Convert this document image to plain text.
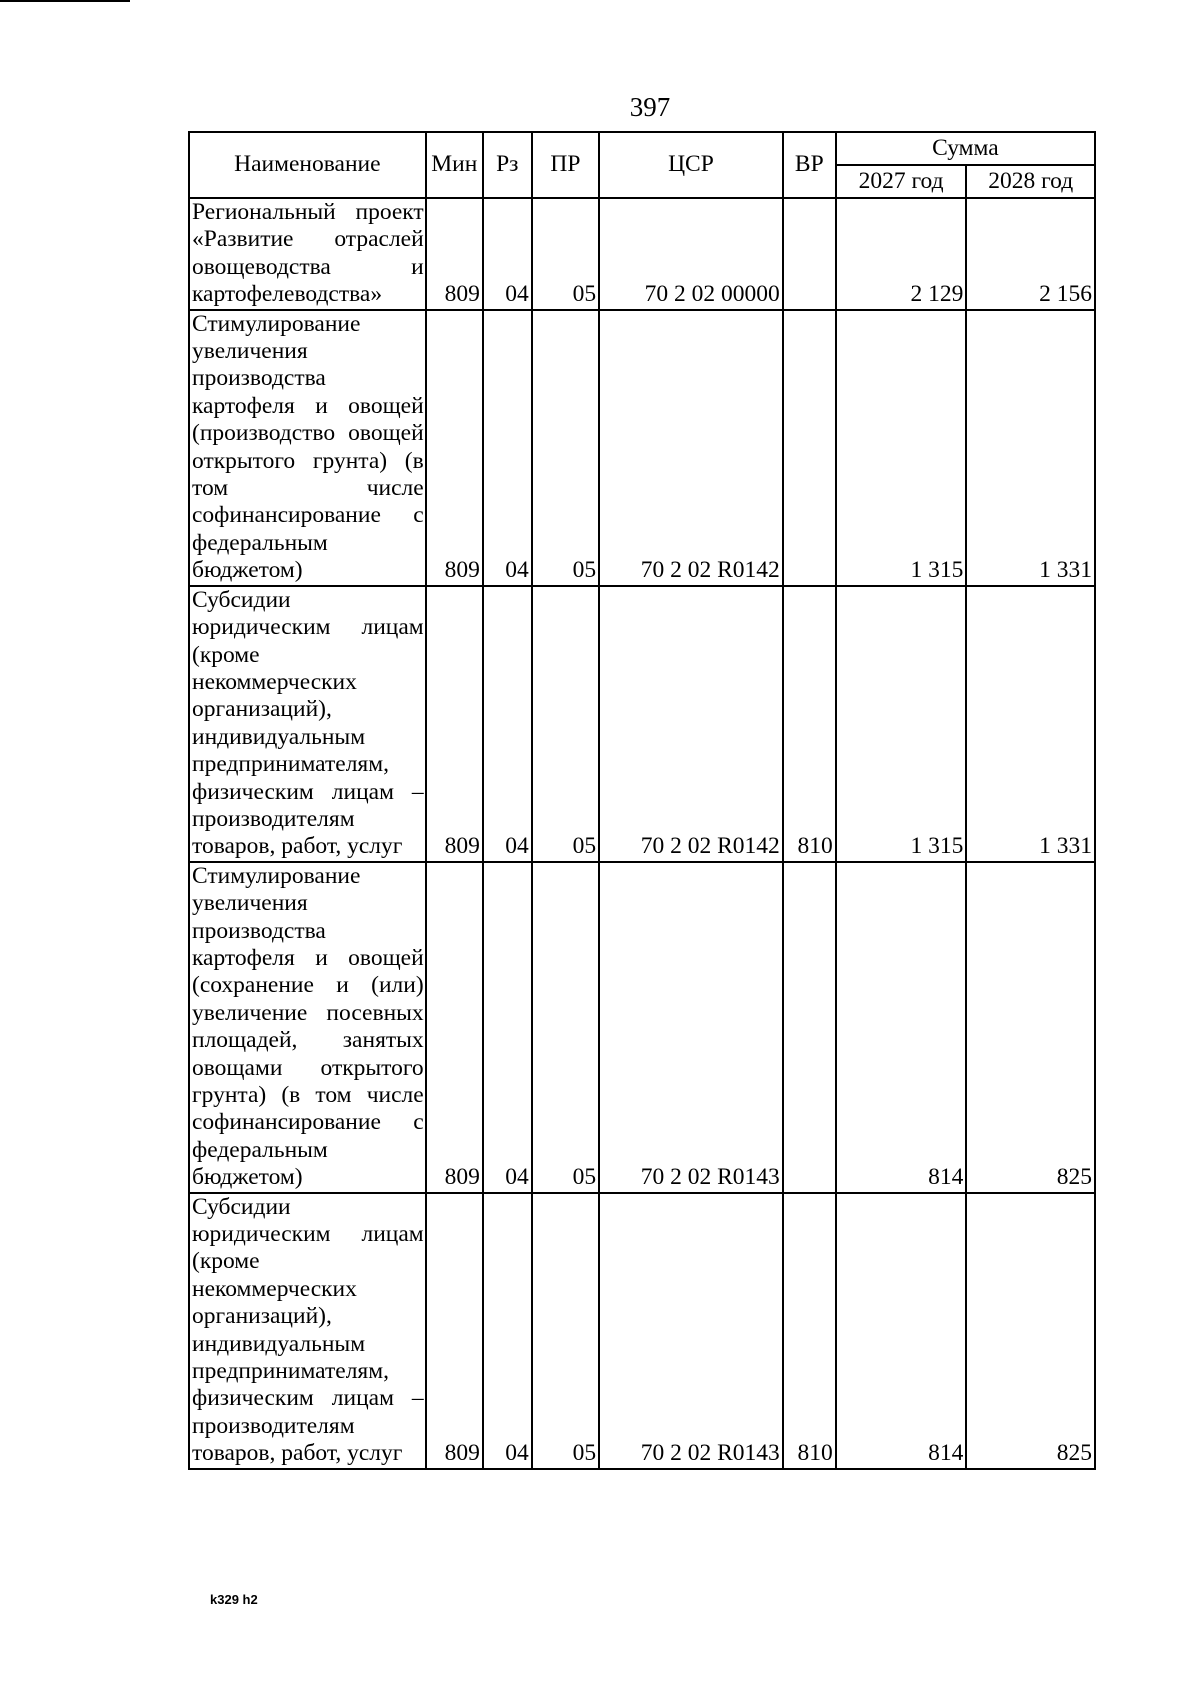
397
Наименование	Мин	Рз	ПР	ЦСР	ВР	Сумма	
						2027 год	2028 год
Региональный проект «Развитие отраслей овощеводства и картофелеводства»	809	04	05	70 2 02 00000		2 129	2 156
Стимулирование увеличения производства картофеля и овощей (производство овощей открытого грунта) (в том числе софинансирование с федеральным бюджетом)	809	04	05	70 2 02 R0142		1 315	1 331
Субсидии юридическим лицам (кроме некоммерческих организаций), индивидуальным предпринимателям, физическим лицам – производителям товаров, работ, услуг	809	04	05	70 2 02 R0142	810	1 315	1 331
Стимулирование увеличения производства картофеля и овощей (сохранение и (или) увеличение посевных площадей, занятых овощами открытого грунта) (в том числе софинансирование с федеральным бюджетом)	809	04	05	70 2 02 R0143		814	825
Субсидии юридическим лицам (кроме некоммерческих организаций), индивидуальным предпринимателям, физическим лицам – производителям товаров, работ, услуг	809	04	05	70 2 02 R0143	810	814	825
k329 h2
